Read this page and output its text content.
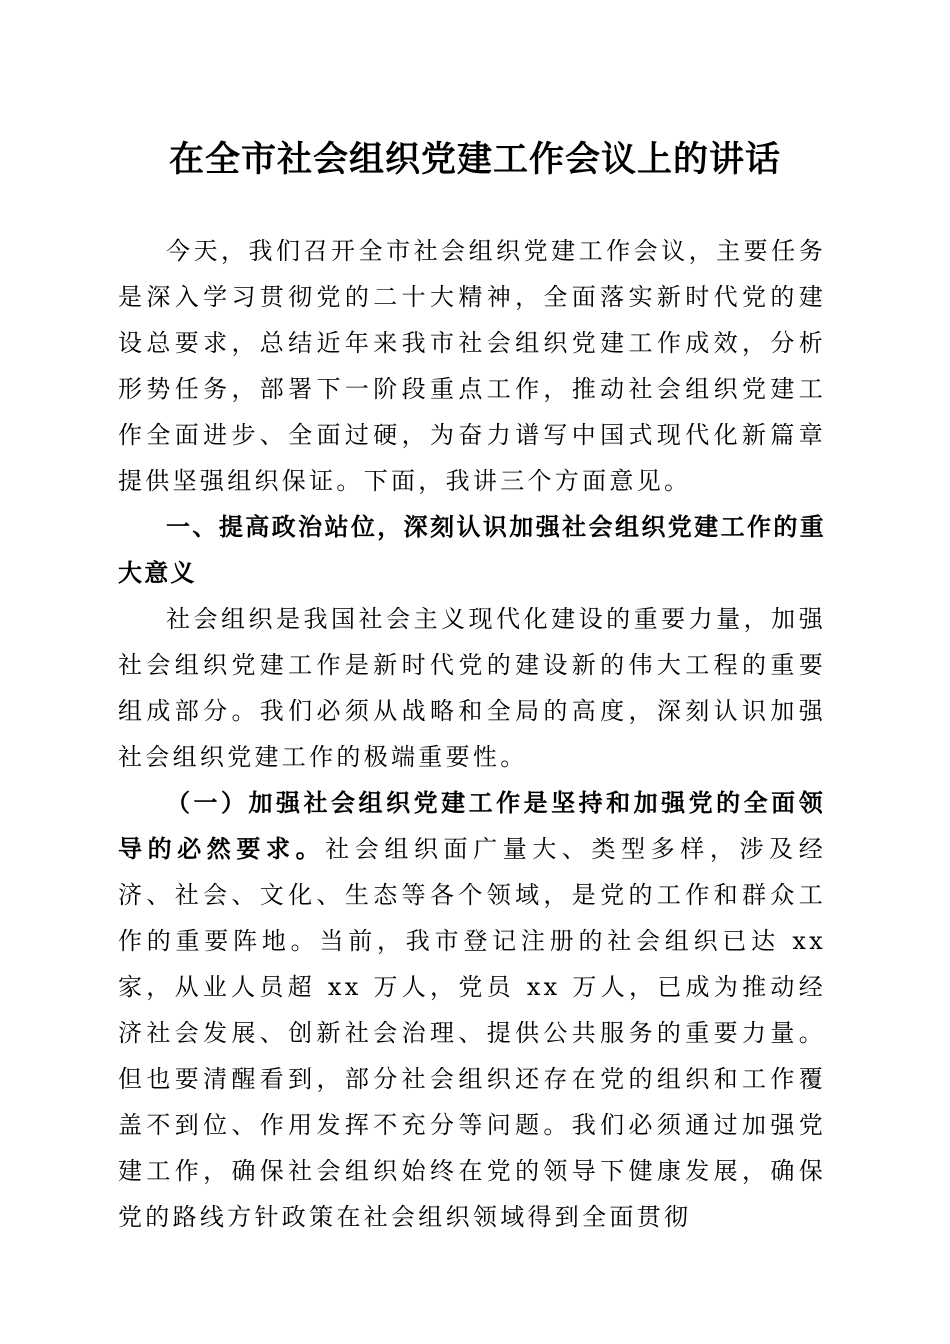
在全市社会组织党建工作会议上的讲话

今天，我们召开全市社会组织党建工作会议，主要任务是深入学习贯彻党的二十大精神，全面落实新时代党的建设总要求，总结近年来我市社会组织党建工作成效，分析形势任务，部署下一阶段重点工作，推动社会组织党建工作全面进步、全面过硬，为奋力谱写中国式现代化新篇章提供坚强组织保证。下面，我讲三个方面意见。

一、提高政治站位，深刻认识加强社会组织党建工作的重大意义

社会组织是我国社会主义现代化建设的重要力量，加强社会组织党建工作是新时代党的建设新的伟大工程的重要组成部分。我们必须从战略和全局的高度，深刻认识加强社会组织党建工作的极端重要性。

（一）加强社会组织党建工作是坚持和加强党的全面领导的必然要求。社会组织面广量大、类型多样，涉及经济、社会、文化、生态等各个领域，是党的工作和群众工作的重要阵地。当前，我市登记注册的社会组织已达 xx 家，从业人员超 xx 万人，党员 xx 万人，已成为推动经济社会发展、创新社会治理、提供公共服务的重要力量。但也要清醒看到，部分社会组织还存在党的组织和工作覆盖不到位、作用发挥不充分等问题。我们必须通过加强党建工作，确保社会组织始终在党的领导下健康发展，确保党的路线方针政策在社会组织领域得到全面贯彻
